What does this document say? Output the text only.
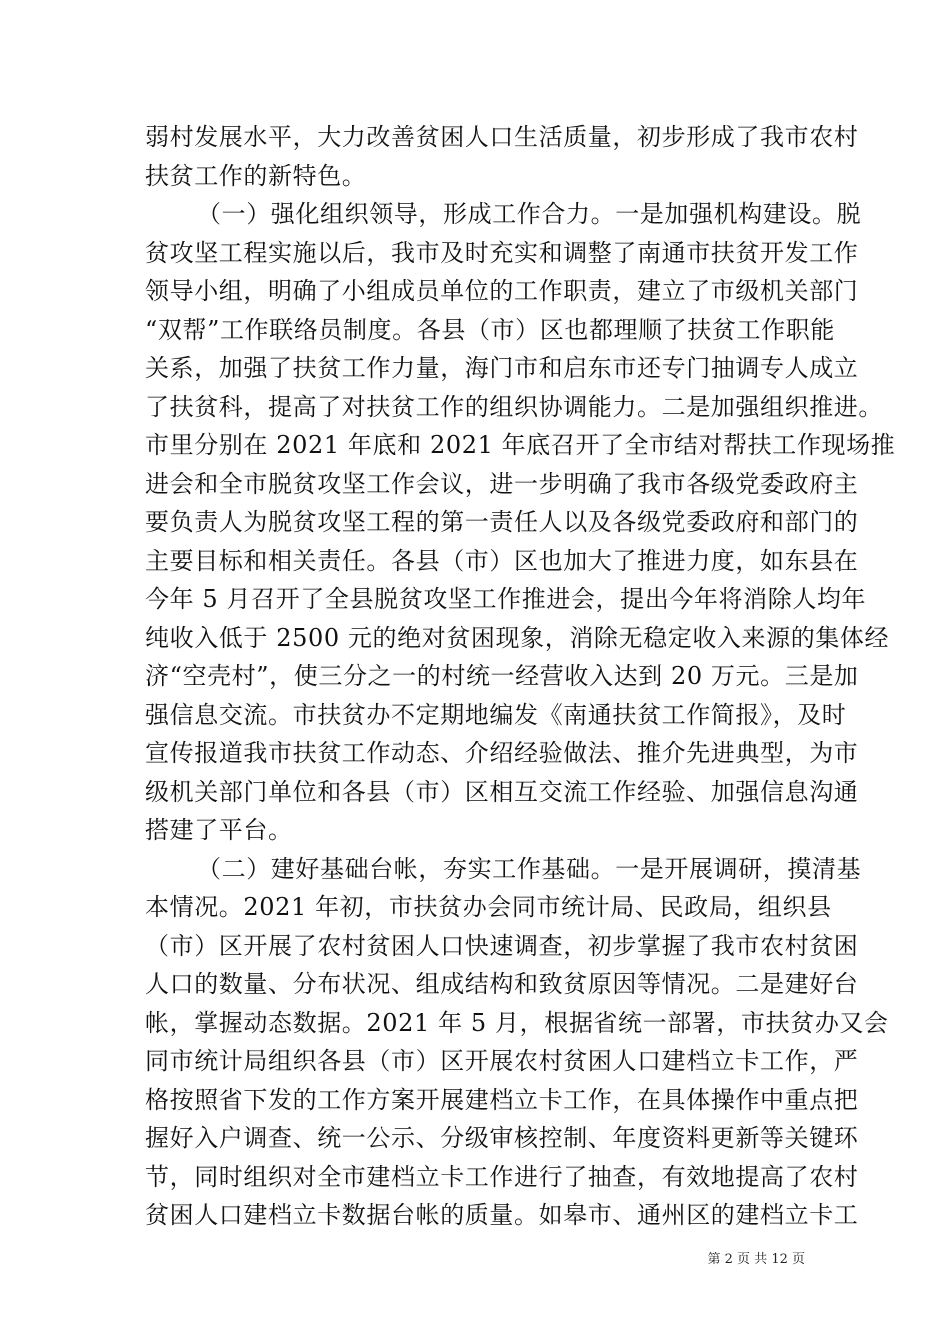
弱村发展水平，大力改善贫困人口生活质量，初步形成了我市农村
扶贫工作的新特色。
（一）强化组织领导，形成工作合力。一是加强机构建设。脱
贫攻坚工程实施以后，我市及时充实和调整了南通市扶贫开发工作
领导小组，明确了小组成员单位的工作职责，建立了市级机关部门
“双帮”工作联络员制度。各县（市）区也都理顺了扶贫工作职能
关系，加强了扶贫工作力量，海门市和启东市还专门抽调专人成立
了扶贫科，提高了对扶贫工作的组织协调能力。二是加强组织推进。
市里分别在 2021 年底和 2021 年底召开了全市结对帮扶工作现场推
进会和全市脱贫攻坚工作会议，进一步明确了我市各级党委政府主
要负责人为脱贫攻坚工程的第一责任人以及各级党委政府和部门的
主要目标和相关责任。各县（市）区也加大了推进力度，如东县在
今年 5 月召开了全县脱贫攻坚工作推进会，提出今年将消除人均年
纯收入低于 2500 元的绝对贫困现象，消除无稳定收入来源的集体经
济“空壳村”，使三分之一的村统一经营收入达到 20 万元。三是加
强信息交流。市扶贫办不定期地编发《南通扶贫工作简报》，及时
宣传报道我市扶贫工作动态、介绍经验做法、推介先进典型，为市
级机关部门单位和各县（市）区相互交流工作经验、加强信息沟通
搭建了平台。
（二）建好基础台帐，夯实工作基础。一是开展调研，摸清基
本情况。2021 年初，市扶贫办会同市统计局、民政局，组织县
（市）区开展了农村贫困人口快速调查，初步掌握了我市农村贫困
人口的数量、分布状况、组成结构和致贫原因等情况。二是建好台
帐，掌握动态数据。2021 年 5 月，根据省统一部署，市扶贫办又会
同市统计局组织各县（市）区开展农村贫困人口建档立卡工作，严
格按照省下发的工作方案开展建档立卡工作，在具体操作中重点把
握好入户调查、统一公示、分级审核控制、年度资料更新等关键环
节，同时组织对全市建档立卡工作进行了抽查，有效地提高了农村
贫困人口建档立卡数据台帐的质量。如皋市、通州区的建档立卡工
第 2 页 共 12 页
